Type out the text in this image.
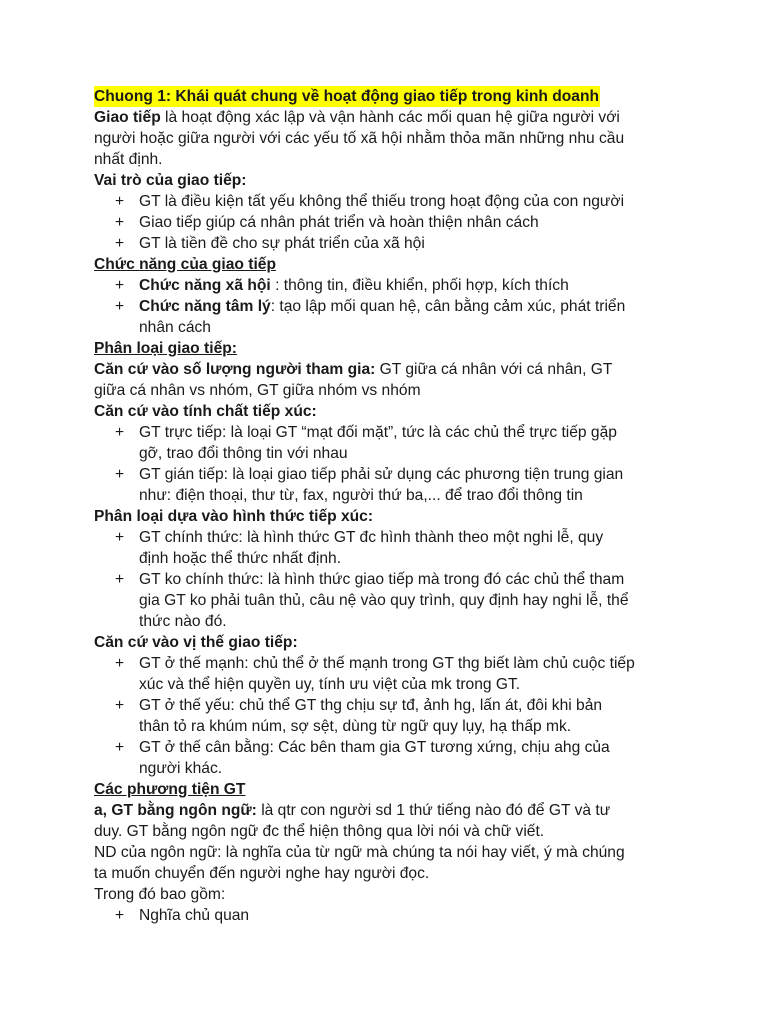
Chuong 1: Khái quát chung về hoạt động giao tiếp trong kinh doanh
Giao tiếp là hoạt động xác lập và vận hành các mối quan hệ giữa người với
người hoặc giữa người với các yếu tố xã hội nhằm thỏa mãn những nhu cầu
nhất định.
Vai trò của giao tiếp:
+ GT là điều kiện tất yếu không thể thiếu trong hoạt động của con người
+ Giao tiếp giúp cá nhân phát triển và hoàn thiện nhân cách
+ GT là tiền đề cho sự phát triển của xã hội
Chức năng của giao tiếp
+ Chức năng xã hội : thông tin, điều khiển, phối hợp, kích thích
+ Chức năng tâm lý: tạo lập mối quan hệ, cân bằng cảm xúc, phát triển
nhân cách
Phân loại giao tiếp:
Căn cứ vào số lượng người tham gia: GT giữa cá nhân với cá nhân, GT
giữa cá nhân vs nhóm, GT giữa nhóm vs nhóm
Căn cứ vào tính chất tiếp xúc:
+ GT trực tiếp: là loại GT “mạt đối mặt”, tức là các chủ thể trực tiếp gặp
gỡ, trao đổi thông tin với nhau
+ GT gián tiếp: là loại giao tiếp phải sử dụng các phương tiện trung gian
như: điện thoại, thư từ, fax, người thứ ba,... để trao đổi thông tin
Phân loại dựa vào hình thức tiếp xúc:
+ GT chính thức: là hình thức GT đc hình thành theo một nghi lễ, quy
định hoặc thể thức nhất định.
+ GT ko chính thức: là hình thức giao tiếp mà trong đó các chủ thể tham
gia GT ko phải tuân thủ, câu nệ vào quy trình, quy định hay nghi lễ, thể
thức nào đó.
Căn cứ vào vị thế giao tiếp:
+ GT ở thế mạnh: chủ thể ở thế mạnh trong GT thg biết làm chủ cuộc tiếp
xúc và thể hiện quyền uy, tính ưu việt của mk trong GT.
+ GT ở thế yếu: chủ thể GT thg chịu sự tđ, ảnh hg, lấn át, đôi khi bản
thân tỏ ra khúm núm, sợ sệt, dùng từ ngữ quy lụy, hạ thấp mk.
+ GT ở thế cân bằng: Các bên tham gia GT tương xứng, chịu ahg của
người khác.
Các phương tiện GT
a, GT bằng ngôn ngữ: là qtr con người sd 1 thứ tiếng nào đó để GT và tư
duy. GT bằng ngôn ngữ đc thể hiện thông qua lời nói và chữ viết.
ND của ngôn ngữ: là nghĩa của từ ngữ mà chúng ta nói hay viết, ý mà chúng
ta muốn chuyển đến người nghe hay người đọc.
Trong đó bao gồm:
+ Nghĩa chủ quan
